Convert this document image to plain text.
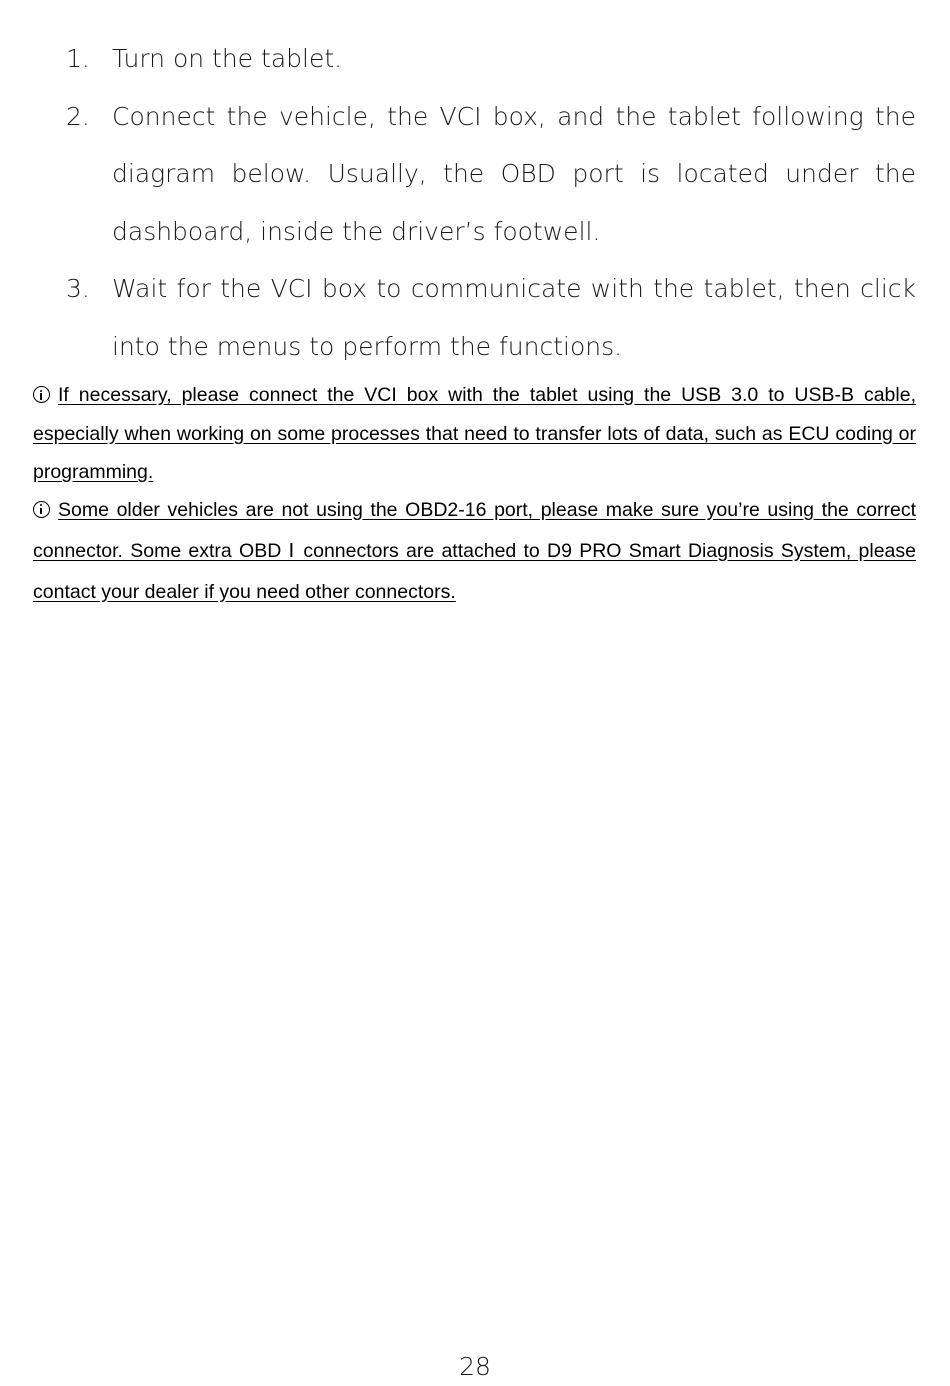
1. Turn on the tablet.
2. Connect the vehicle, the VCI box, and the tablet following the diagram below. Usually, the OBD port is located under the dashboard, inside the driver’s footwell.
3. Wait for the VCI box to communicate with the tablet, then click into the menus to perform the functions.

If necessary, please connect the VCI box with the tablet using the USB 3.0 to USB-B cable, especially when working on some processes that need to transfer lots of data, such as ECU coding or programming.

Some older vehicles are not using the OBD2-16 port, please make sure you’re using the correct connector. Some extra OBD Ⅰ connectors are attached to D9 PRO Smart Diagnosis System, please contact your dealer if you need other connectors.

28
